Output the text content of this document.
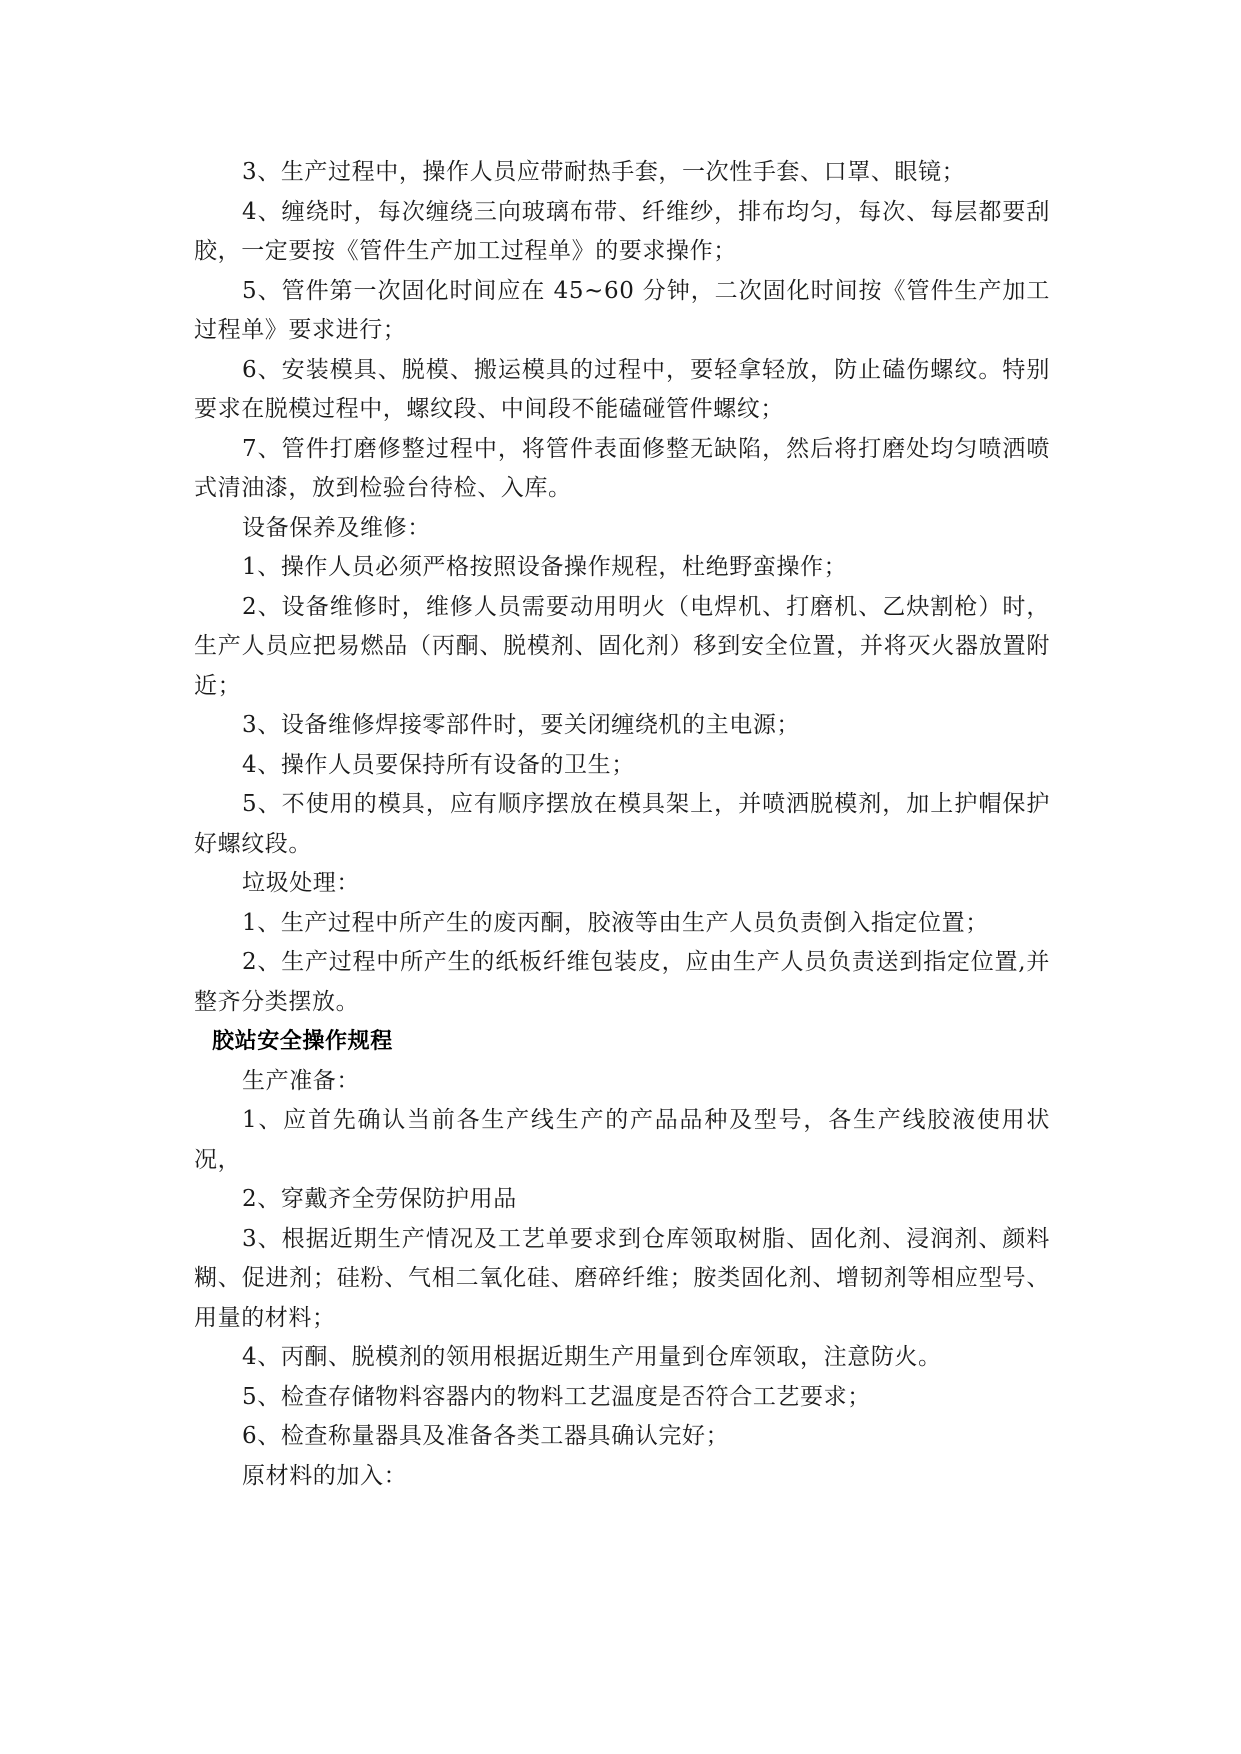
3、生产过程中，操作人员应带耐热手套，一次性手套、口罩、眼镜；

4、缠绕时，每次缠绕三向玻璃布带、纤维纱，排布均匀，每次、每层都要刮胶，一定要按《管件生产加工过程单》的要求操作；

5、管件第一次固化时间应在 45~60 分钟，二次固化时间按《管件生产加工过程单》要求进行；

6、安装模具、脱模、搬运模具的过程中，要轻拿轻放，防止磕伤螺纹。特别要求在脱模过程中，螺纹段、中间段不能磕碰管件螺纹；

7、管件打磨修整过程中，将管件表面修整无缺陷，然后将打磨处均匀喷洒喷式清油漆，放到检验台待检、入库。

设备保养及维修：

1、操作人员必须严格按照设备操作规程，杜绝野蛮操作；

2、设备维修时，维修人员需要动用明火（电焊机、打磨机、乙炔割枪）时，生产人员应把易燃品（丙酮、脱模剂、固化剂）移到安全位置，并将灭火器放置附近；

3、设备维修焊接零部件时，要关闭缠绕机的主电源；

4、操作人员要保持所有设备的卫生；

5、不使用的模具，应有顺序摆放在模具架上，并喷洒脱模剂，加上护帽保护好螺纹段。

垃圾处理：

1、生产过程中所产生的废丙酮，胶液等由生产人员负责倒入指定位置；

2、生产过程中所产生的纸板纤维包装皮，应由生产人员负责送到指定位置,并整齐分类摆放。

胶站安全操作规程

生产准备：

1、应首先确认当前各生产线生产的产品品种及型号，各生产线胶液使用状况，

2、穿戴齐全劳保防护用品

3、根据近期生产情况及工艺单要求到仓库领取树脂、固化剂、浸润剂、颜料糊、促进剂；硅粉、气相二氧化硅、磨碎纤维；胺类固化剂、增韧剂等相应型号、用量的材料；

4、丙酮、脱模剂的领用根据近期生产用量到仓库领取，注意防火。

5、检查存储物料容器内的物料工艺温度是否符合工艺要求；

6、检查称量器具及准备各类工器具确认完好；

原材料的加入：
